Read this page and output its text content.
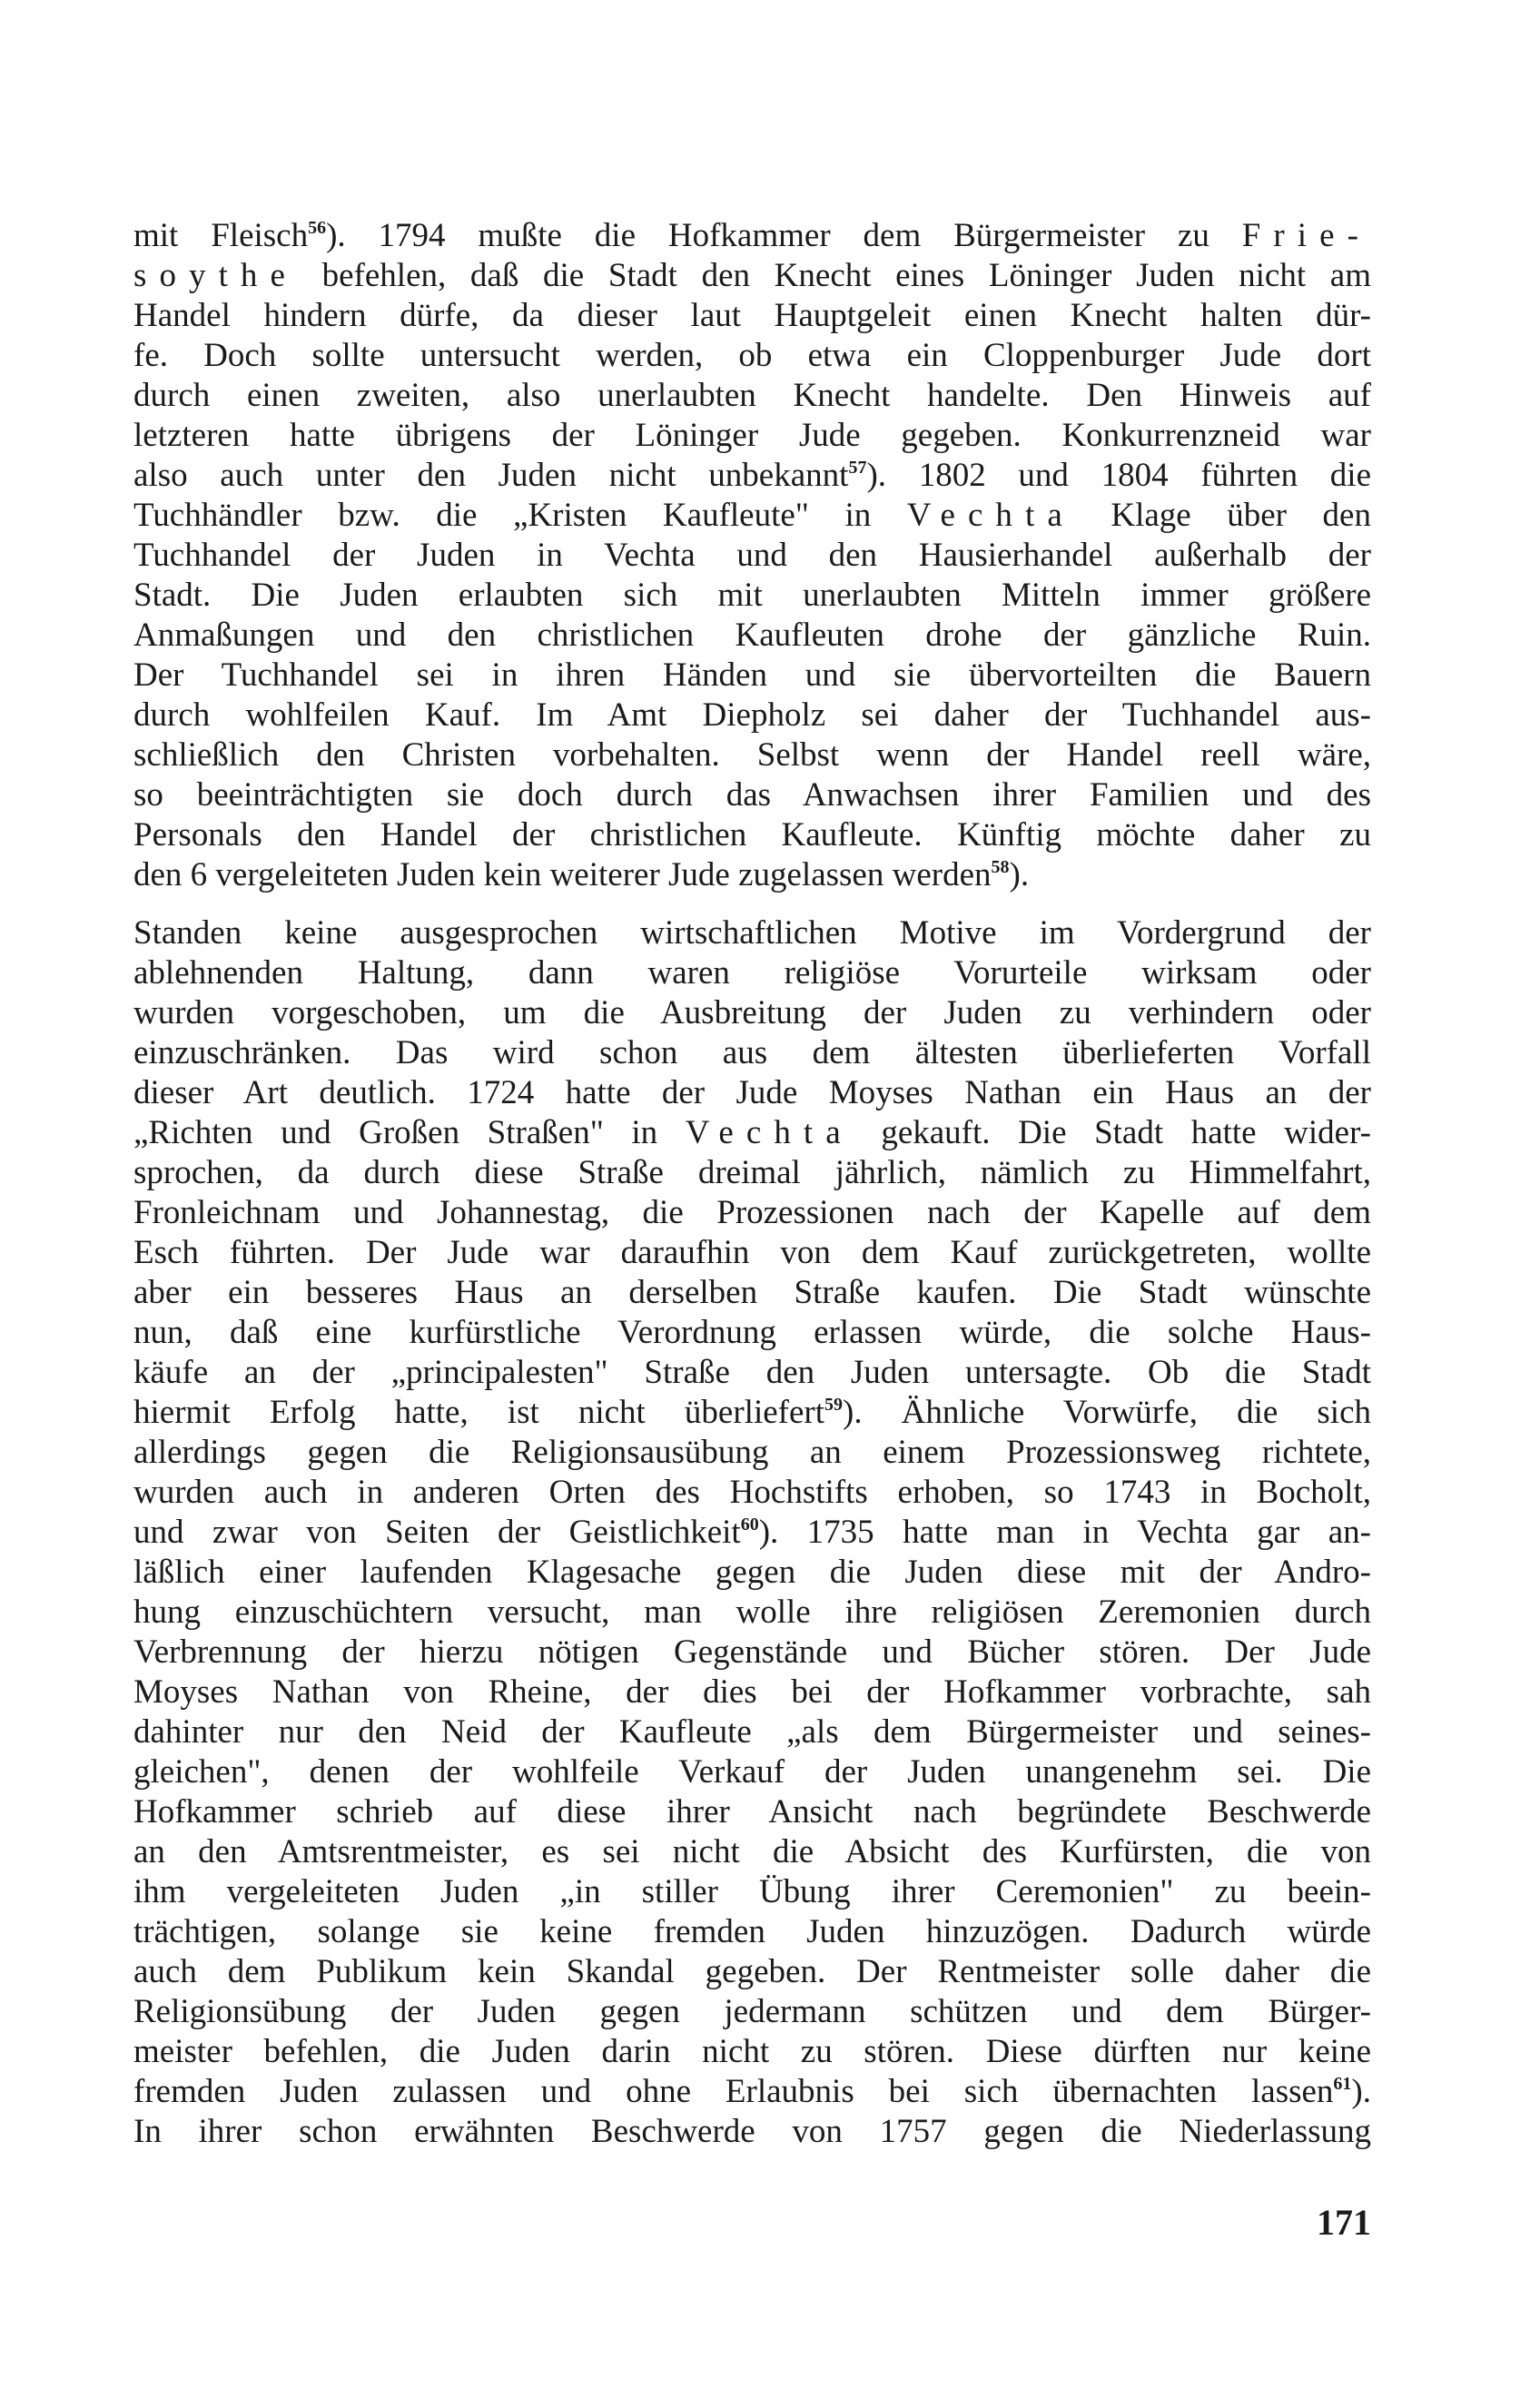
mit Fleisch$^{56}$). 1794 mußte die Hofkammer dem Bürgermeister zu Frie-
soythe befehlen, daß die Stadt den Knecht eines Löninger Juden nicht am
Handel hindern dürfe, da dieser laut Hauptgeleit einen Knecht halten dür-
fe. Doch sollte untersucht werden, ob etwa ein Cloppenburger Jude dort
durch einen zweiten, also unerlaubten Knecht handelte. Den Hinweis auf
letzteren hatte übrigens der Löninger Jude gegeben. Konkurrenzneid war
also auch unter den Juden nicht unbekannt$^{57}$). 1802 und 1804 führten die
Tuchhändler bzw. die „Kristen Kaufleute" in Vechta Klage über den
Tuchhandel der Juden in Vechta und den Hausierhandel außerhalb der
Stadt. Die Juden erlaubten sich mit unerlaubten Mitteln immer größere
Anmaßungen und den christlichen Kaufleuten drohe der gänzliche Ruin.
Der Tuchhandel sei in ihren Händen und sie übervorteilten die Bauern
durch wohlfeilen Kauf. Im Amt Diepholz sei daher der Tuchhandel aus-
schließlich den Christen vorbehalten. Selbst wenn der Handel reell wäre,
so beeinträchtigten sie doch durch das Anwachsen ihrer Familien und des
Personals den Handel der christlichen Kaufleute. Künftig möchte daher zu
den 6 vergeleiteten Juden kein weiterer Jude zugelassen werden$^{58}$).
Standen keine ausgesprochen wirtschaftlichen Motive im Vordergrund der
ablehnenden Haltung, dann waren religiöse Vorurteile wirksam oder
wurden vorgeschoben, um die Ausbreitung der Juden zu verhindern oder
einzuschränken. Das wird schon aus dem ältesten überlieferten Vorfall
dieser Art deutlich. 1724 hatte der Jude Moyses Nathan ein Haus an der
„Richten und Großen Straßen" in Vechta gekauft. Die Stadt hatte wider-
sprochen, da durch diese Straße dreimal jährlich, nämlich zu Himmelfahrt,
Fronleichnam und Johannestag, die Prozessionen nach der Kapelle auf dem
Esch führten. Der Jude war daraufhin von dem Kauf zurückgetreten, wollte
aber ein besseres Haus an derselben Straße kaufen. Die Stadt wünschte
nun, daß eine kurfürstliche Verordnung erlassen würde, die solche Haus-
käufe an der „principalesten" Straße den Juden untersagte. Ob die Stadt
hiermit Erfolg hatte, ist nicht überliefert$^{59}$). Ähnliche Vorwürfe, die sich
allerdings gegen die Religionsausübung an einem Prozessionsweg richtete,
wurden auch in anderen Orten des Hochstifts erhoben, so 1743 in Bocholt,
und zwar von Seiten der Geistlichkeit$^{60}$). 1735 hatte man in Vechta gar an-
läßlich einer laufenden Klagesache gegen die Juden diese mit der Andro-
hung einzuschüchtern versucht, man wolle ihre religiösen Zeremonien durch
Verbrennung der hierzu nötigen Gegenstände und Bücher stören. Der Jude
Moyses Nathan von Rheine, der dies bei der Hofkammer vorbrachte, sah
dahinter nur den Neid der Kaufleute „als dem Bürgermeister und seines-
gleichen", denen der wohlfeile Verkauf der Juden unangenehm sei. Die
Hofkammer schrieb auf diese ihrer Ansicht nach begründete Beschwerde
an den Amtsrentmeister, es sei nicht die Absicht des Kurfürsten, die von
ihm vergeleiteten Juden „in stiller Übung ihrer Ceremonien" zu beein-
trächtigen, solange sie keine fremden Juden hinzuzögen. Dadurch würde
auch dem Publikum kein Skandal gegeben. Der Rentmeister solle daher die
Religionsübung der Juden gegen jedermann schützen und dem Bürger-
meister befehlen, die Juden darin nicht zu stören. Diese dürften nur keine
fremden Juden zulassen und ohne Erlaubnis bei sich übernachten lassen$^{61}$).
In ihrer schon erwähnten Beschwerde von 1757 gegen die Niederlassung
171
